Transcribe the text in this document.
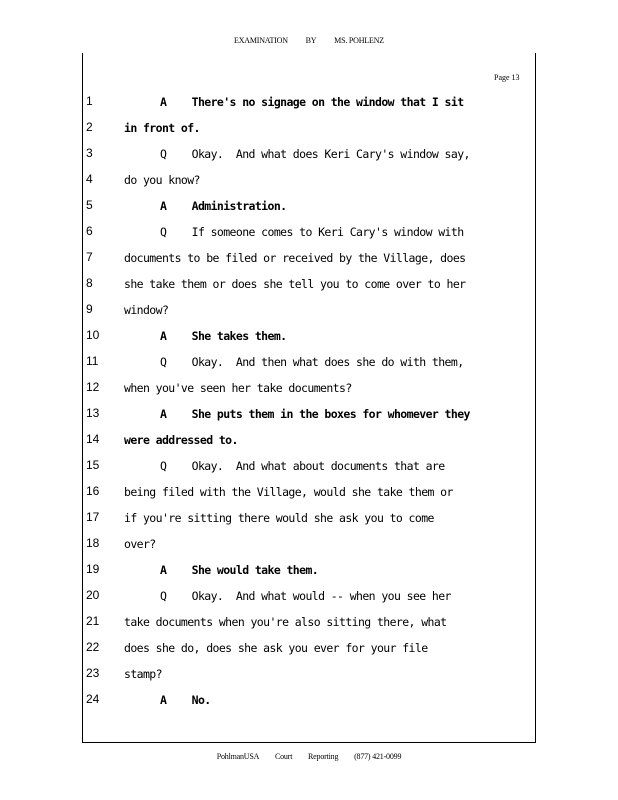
EXAMINATION BY MS. POHLENZ
Page 13
1	A    There's no signage on the window that I sit
2	in front of.
3	Q    Okay.  And what does Keri Cary's window say,
4	do you know?
5	A    Administration.
6	Q    If someone comes to Keri Cary's window with
7	documents to be filed or received by the Village, does
8	she take them or does she tell you to come over to her
9	window?
10	A    She takes them.
11	Q    Okay.  And then what does she do with them,
12	when you've seen her take documents?
13	A    She puts them in the boxes for whomever they
14	were addressed to.
15	Q    Okay.  And what about documents that are
16	being filed with the Village, would she take them or
17	if you're sitting there would she ask you to come
18	over?
19	A    She would take them.
20	Q    Okay.  And what would -- when you see her
21	take documents when you're also sitting there, what
22	does she do, does she ask you ever for your file
23	stamp?
24	A    No.
PohlmanUSA Court Reporting (877) 421-0099
